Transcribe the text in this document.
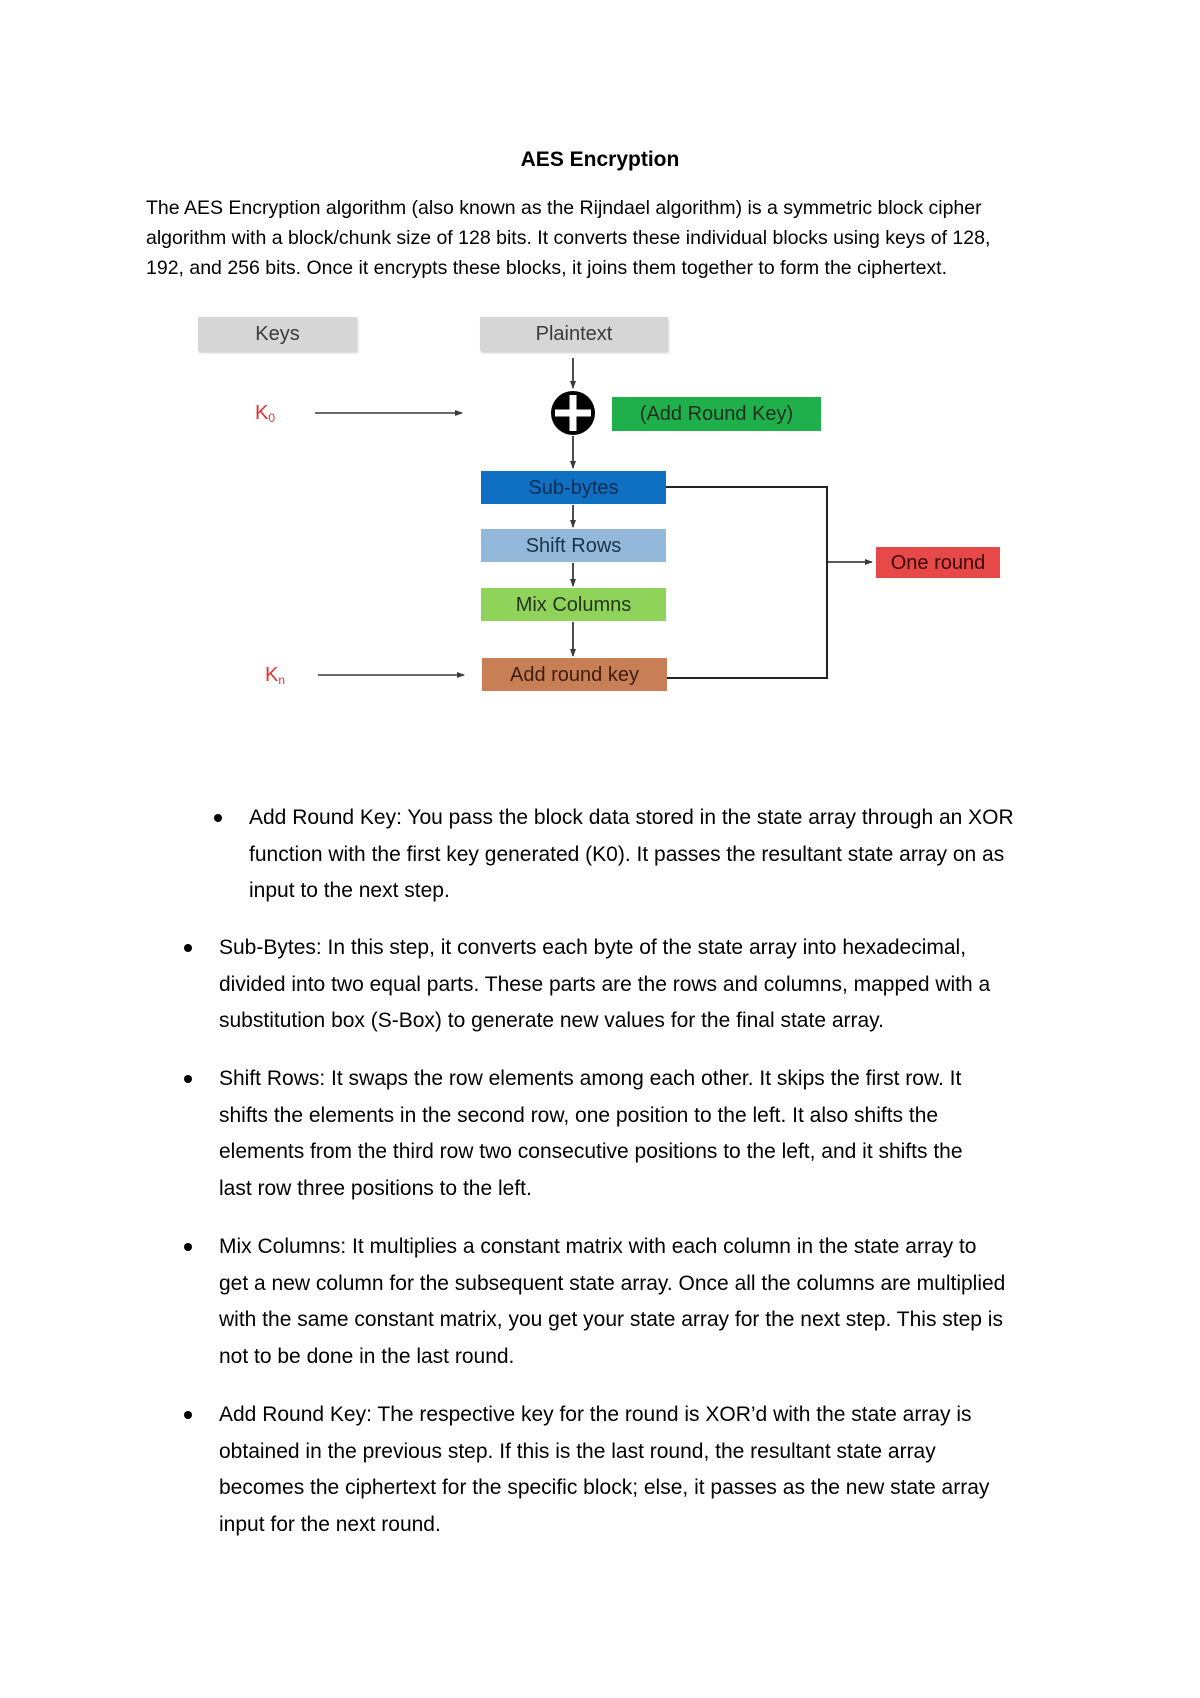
AES Encryption
The AES Encryption algorithm (also known as the Rijndael algorithm) is a symmetric block cipher
algorithm with a block/chunk size of 128 bits. It converts these individual blocks using keys of 128,
192, and 256 bits. Once it encrypts these blocks, it joins them together to form the ciphertext.
Keys	Plaintext
(Add Round Key)
Sub-bytes
Shift Rows
Mix Columns
Add round key
One round
$K_0$
$K_n$
Add Round Key: You pass the block data stored in the state array through an XOR
function with the first key generated (K0). It passes the resultant state array on as
input to the next step.
Sub-Bytes: In this step, it converts each byte of the state array into hexadecimal,
divided into two equal parts. These parts are the rows and columns, mapped with a
substitution box (S-Box) to generate new values for the final state array.
Shift Rows: It swaps the row elements among each other. It skips the first row. It
shifts the elements in the second row, one position to the left. It also shifts the
elements from the third row two consecutive positions to the left, and it shifts the
last row three positions to the left.
Mix Columns: It multiplies a constant matrix with each column in the state array to
get a new column for the subsequent state array. Once all the columns are multiplied
with the same constant matrix, you get your state array for the next step. This step is
not to be done in the last round.
Add Round Key: The respective key for the round is XOR’d with the state array is
obtained in the previous step. If this is the last round, the resultant state array
becomes the ciphertext for the specific block; else, it passes as the new state array
input for the next round.
